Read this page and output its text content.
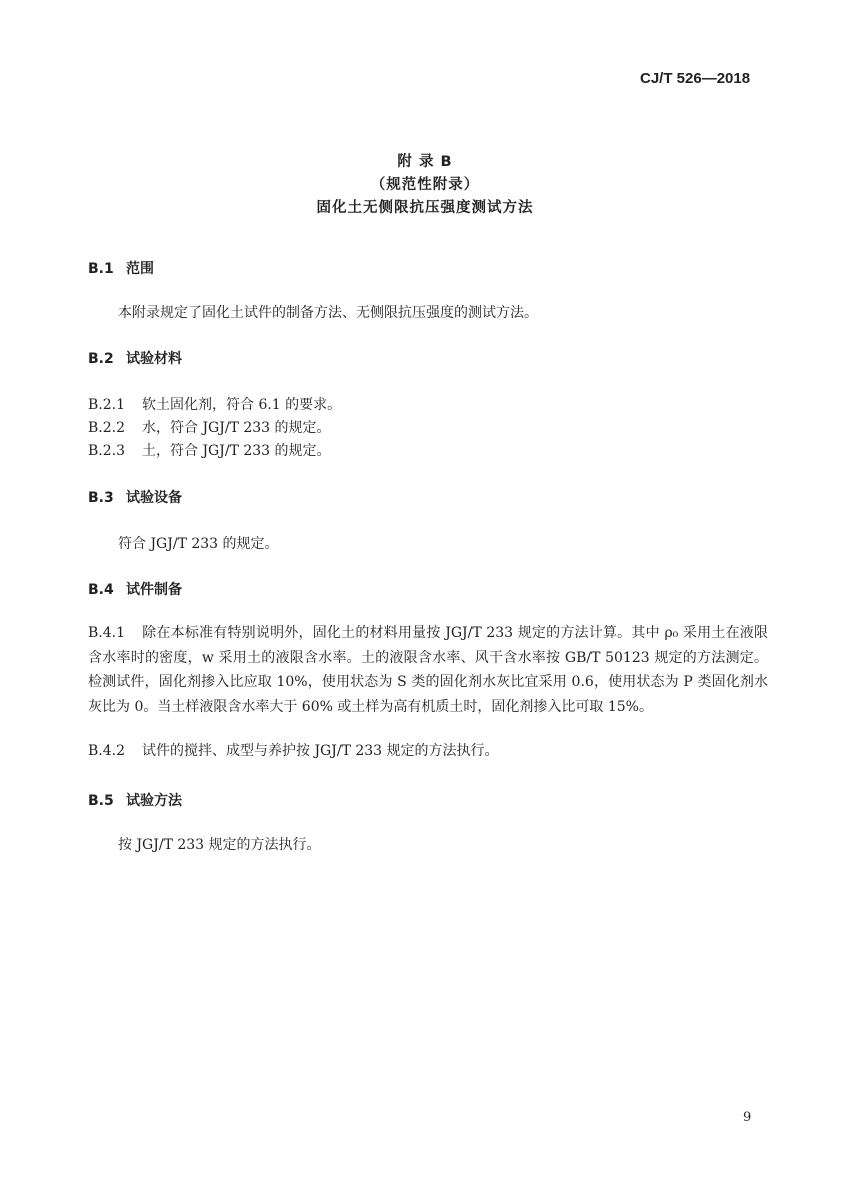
CJ/T 526—2018
附 录 B
（规范性附录）
固化土无侧限抗压强度测试方法
B.1 范围
本附录规定了固化土试件的制备方法、无侧限抗压强度的测试方法。
B.2 试验材料
B.2.1 软土固化剂，符合 6.1 的要求。
B.2.2 水，符合 JGJ/T 233 的规定。
B.2.3 土，符合 JGJ/T 233 的规定。
B.3 试验设备
符合 JGJ/T 233 的规定。
B.4 试件制备
B.4.1 除在本标准有特别说明外，固化土的材料用量按 JGJ/T 233 规定的方法计算。其中 ρ₀ 采用土在液限含水率时的密度，w 采用土的液限含水率。土的液限含水率、风干含水率按 GB/T 50123 规定的方法测定。检测试件，固化剂掺入比应取 10%，使用状态为 S 类的固化剂水灰比宜采用 0.6，使用状态为 P 类固化剂水灰比为 0。当土样液限含水率大于 60% 或土样为高有机质土时，固化剂掺入比可取 15%。
B.4.2 试件的搅拌、成型与养护按 JGJ/T 233 规定的方法执行。
B.5 试验方法
按 JGJ/T 233 规定的方法执行。
9
